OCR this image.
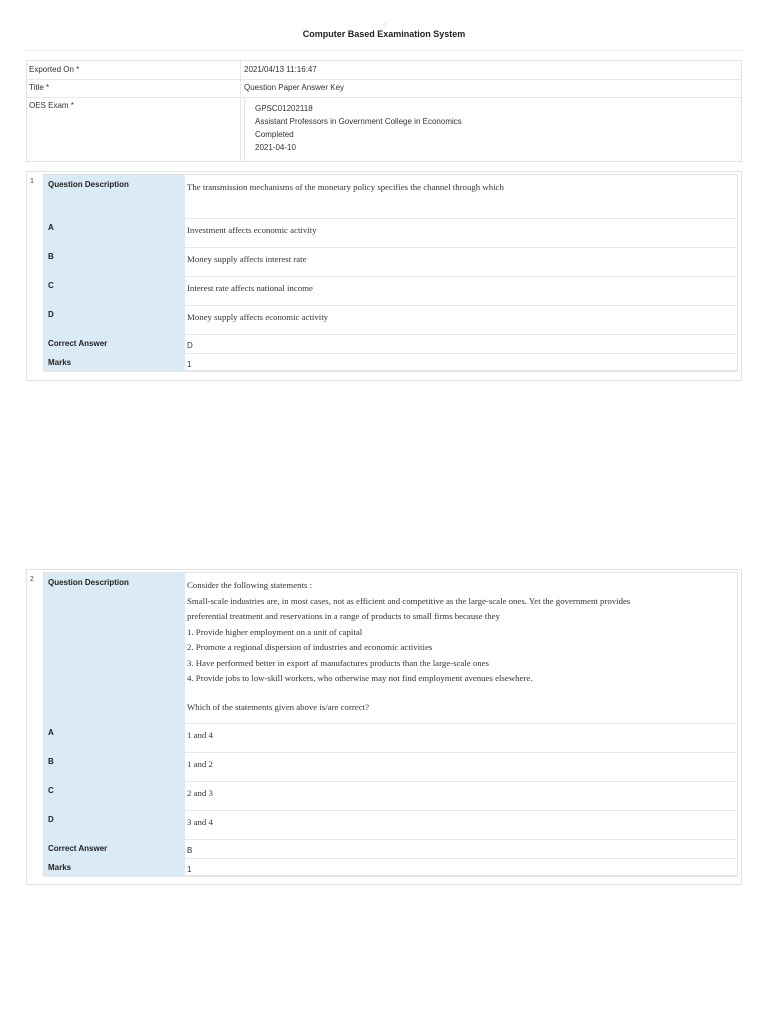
©
Computer Based Examination System
Exported On *	2021/04/13 11:16:47
Title *	Question Paper Answer Key
OES Exam *	GPSC01202118
Assistant Professors in Government College in Economics
Completed
2021-04-10
1	Question Description	The transmission mechanisms of the monetary policy specifies the channel through which
A	Investment affects economic activity
B	Money supply affects interest rate
C	Interest rate affects national income
D	Money supply affects economic activity
Correct Answer	D
Marks	1
2	Question Description	Consider the following statements :
Small-scale industries are, in most cases, not as efficient and competitive as the large-scale ones. Yet the government provides
preferential treatment and reservations in a range of products to small firms because they
1. Provide higher employment on a unit of capital
2. Promote a regional dispersion of industries and economic activities
3. Have performed better in export af manufactures products than the large-scale ones
4. Provide jobs to low-skill workers, who otherwise may not find employment avenues elsewhere.
Which of the statements given above is/are correct?
A	1 and 4
B	1 and 2
C	2 and 3
D	3 and 4
Correct Answer	B
Marks	1
